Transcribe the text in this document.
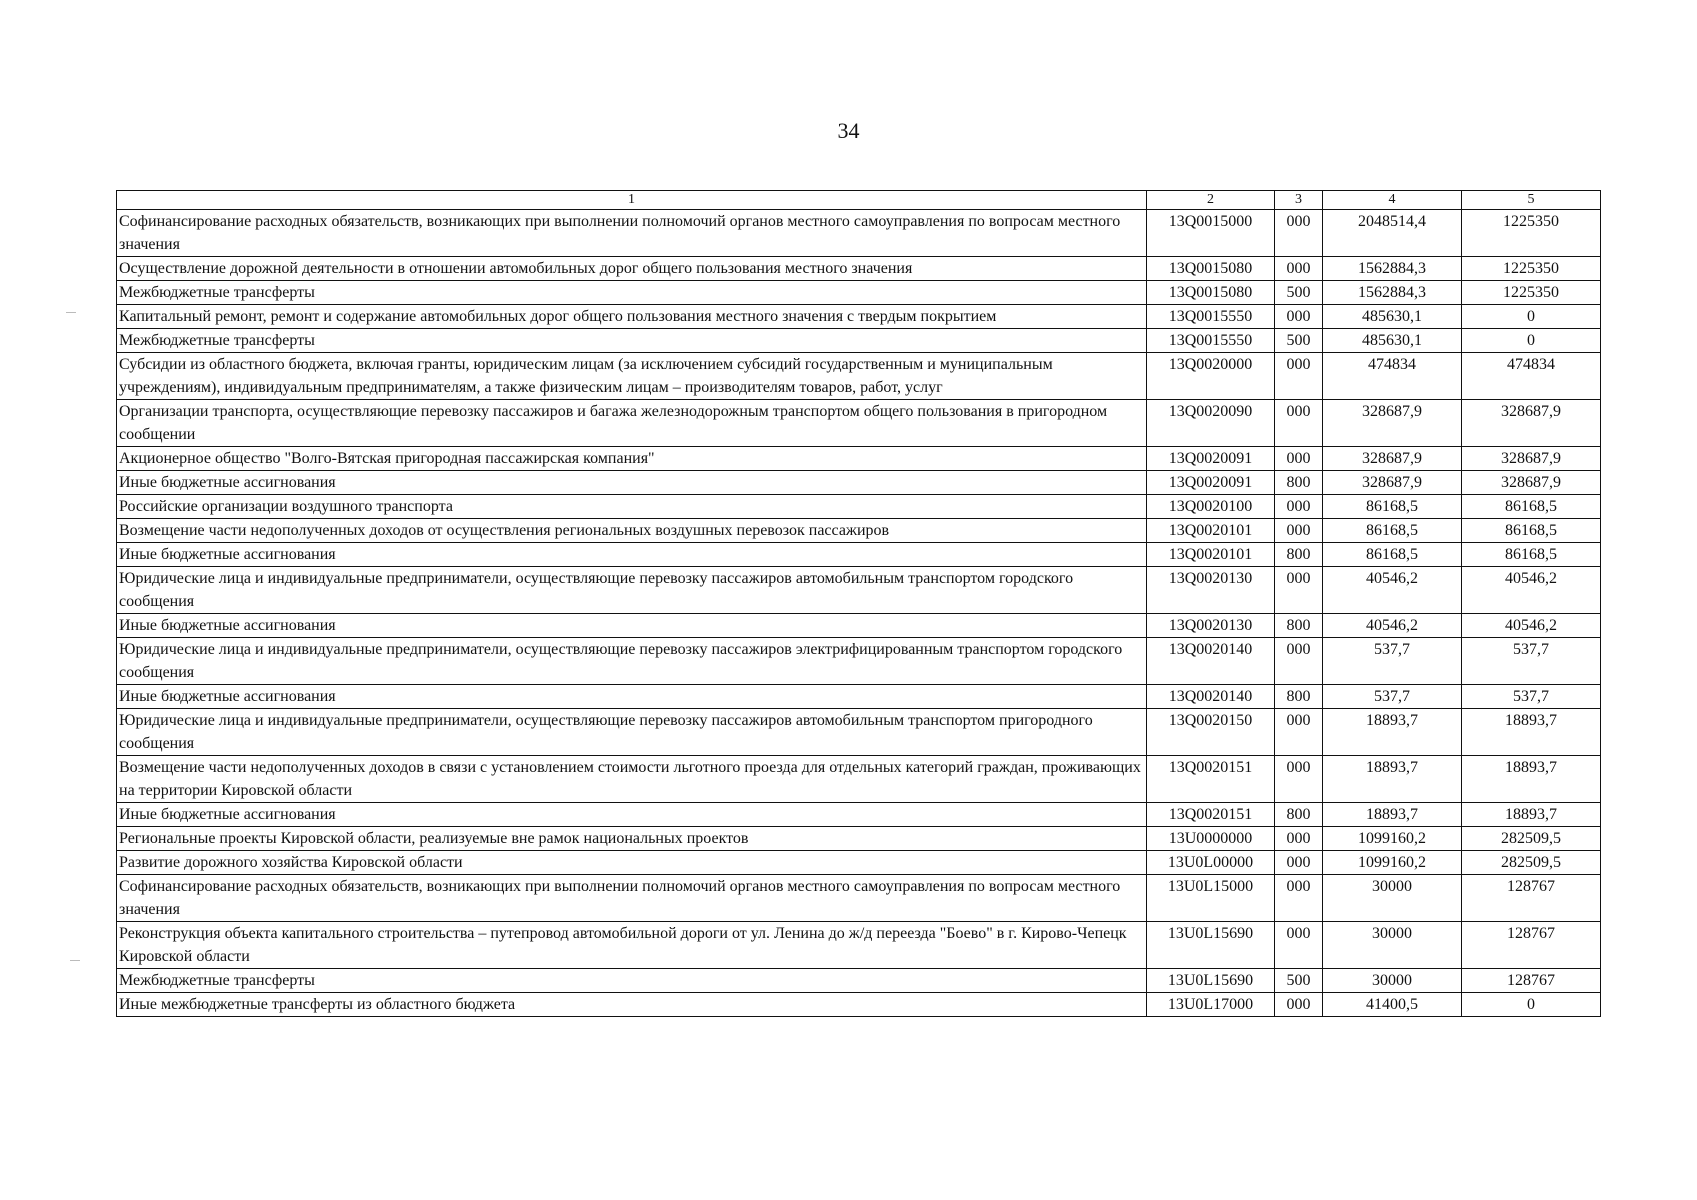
34
1	2	3	4	5
Софинансирование расходных обязательств, возникающих при выполнении полномочий органов местного самоуправления по вопросам местного значения	13Q0015000	000	2048514,4	1225350
Осуществление дорожной деятельности в отношении автомобильных дорог общего пользования местного значения	13Q0015080	000	1562884,3	1225350
Межбюджетные трансферты	13Q0015080	500	1562884,3	1225350
Капитальный ремонт, ремонт и содержание автомобильных дорог общего пользования местного значения с твердым покрытием	13Q0015550	000	485630,1	0
Межбюджетные трансферты	13Q0015550	500	485630,1	0
Субсидии из областного бюджета, включая гранты, юридическим лицам (за исключением субсидий государственным и муниципальным учреждениям), индивидуальным предпринимателям, а также физическим лицам – производителям товаров, работ, услуг	13Q0020000	000	474834	474834
Организации транспорта, осуществляющие перевозку пассажиров и багажа железнодорожным транспортом общего пользования в пригородном сообщении	13Q0020090	000	328687,9	328687,9
Акционерное общество "Волго-Вятская пригородная пассажирская компания"	13Q0020091	000	328687,9	328687,9
Иные бюджетные ассигнования	13Q0020091	800	328687,9	328687,9
Российские организации воздушного транспорта	13Q0020100	000	86168,5	86168,5
Возмещение части недополученных доходов от осуществления региональных воздушных перевозок пассажиров	13Q0020101	000	86168,5	86168,5
Иные бюджетные ассигнования	13Q0020101	800	86168,5	86168,5
Юридические лица и индивидуальные предприниматели, осуществляющие перевозку пассажиров автомобильным транспортом городского сообщения	13Q0020130	000	40546,2	40546,2
Иные бюджетные ассигнования	13Q0020130	800	40546,2	40546,2
Юридические лица и индивидуальные предприниматели, осуществляющие перевозку пассажиров электрифицированным транспортом городского сообщения	13Q0020140	000	537,7	537,7
Иные бюджетные ассигнования	13Q0020140	800	537,7	537,7
Юридические лица и индивидуальные предприниматели, осуществляющие перевозку пассажиров автомобильным транспортом пригородного сообщения	13Q0020150	000	18893,7	18893,7
Возмещение части недополученных доходов в связи с установлением стоимости льготного проезда для отдельных категорий граждан, проживающих на территории Кировской области	13Q0020151	000	18893,7	18893,7
Иные бюджетные ассигнования	13Q0020151	800	18893,7	18893,7
Региональные проекты Кировской области, реализуемые вне рамок национальных проектов	13U0000000	000	1099160,2	282509,5
Развитие дорожного хозяйства Кировской области	13U0L00000	000	1099160,2	282509,5
Софинансирование расходных обязательств, возникающих при выполнении полномочий органов местного самоуправления по вопросам местного значения	13U0L15000	000	30000	128767
Реконструкция объекта капитального строительства – путепровод автомобильной дороги от ул. Ленина до ж/д переезда "Боево" в г. Кирово-Чепецк Кировской области	13U0L15690	000	30000	128767
Межбюджетные трансферты	13U0L15690	500	30000	128767
Иные межбюджетные трансферты из областного бюджета	13U0L17000	000	41400,5	0
